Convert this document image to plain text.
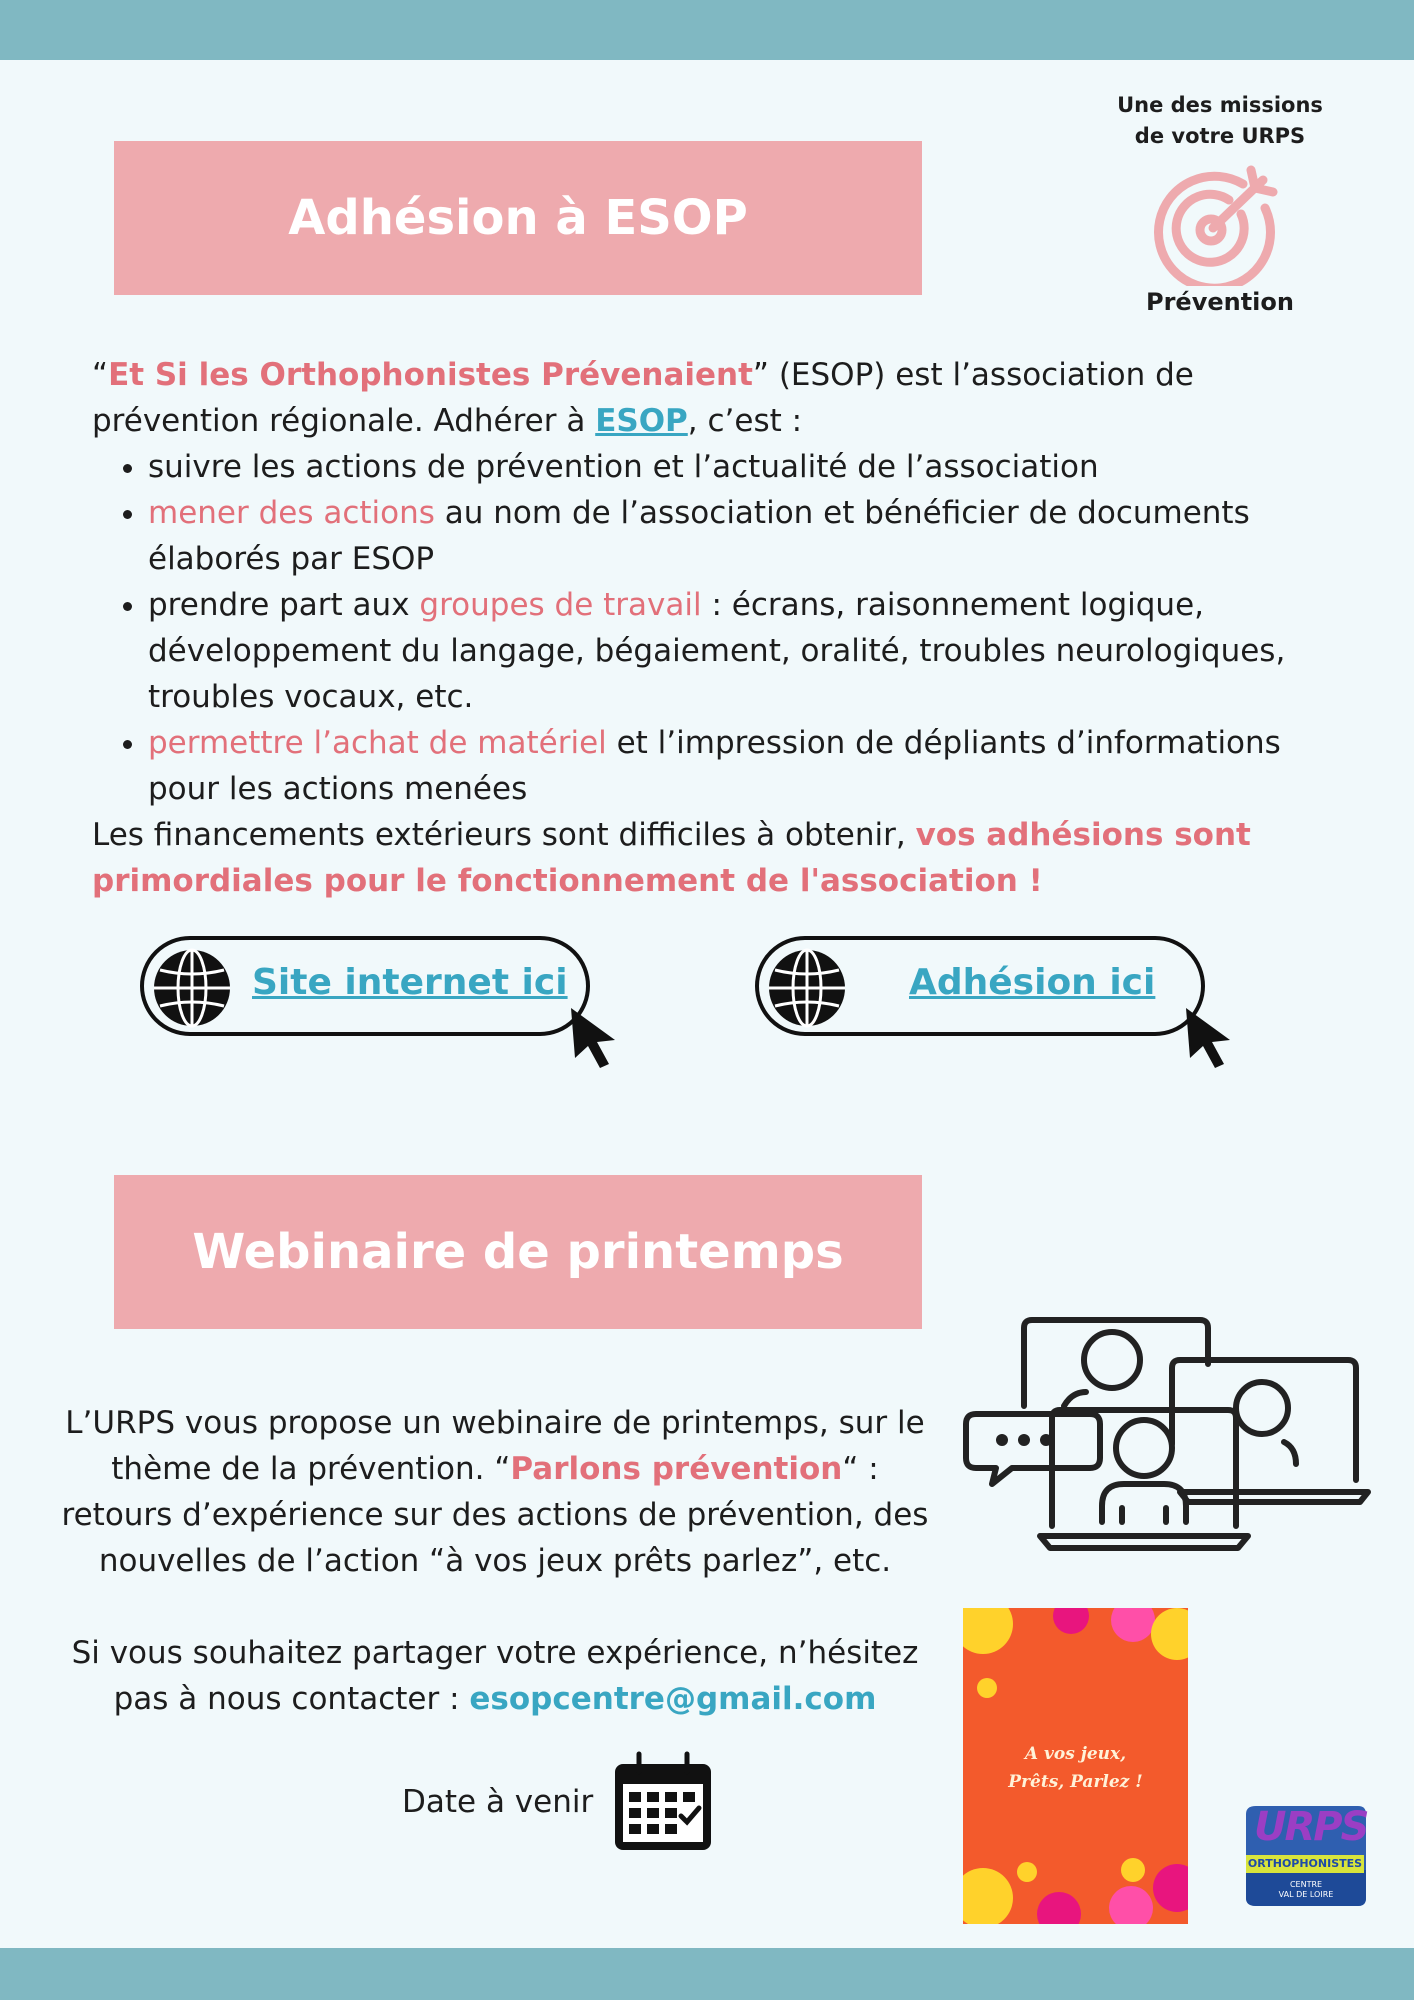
Une des missions

de votre URPS

Prévention
Adhésion à ESOP

“Et Si les Orthophonistes Prévenaient” (ESOP) est l’association de prévention régionale. Adhérer à ESOP, c’est :

• suivre les actions de prévention et l’actualité de l’association
• mener des actions au nom de l’association et bénéficier de documents élaborés par ESOP
• prendre part aux groupes de travail : écrans, raisonnement logique, développement du langage, bégaiement, oralité, troubles neurologiques, troubles vocaux, etc.
• permettre l’achat de matériel et l’impression de dépliants d’informations pour les actions menées

Les financements extérieurs sont difficiles à obtenir, vos adhésions sont primordiales pour le fonctionnement de l'association !

Site internet ici	Adhésion ici
Webinaire de printemps

L’URPS vous propose un webinaire de printemps, sur le thème de la prévention. “Parlons prévention“ : retours d’expérience sur des actions de prévention, des nouvelles de l’action “à vos jeux prêts parlez”, etc.

Si vous souhaitez partager votre expérience, n’hésitez pas à nous contacter : esopcentre@gmail.com

Date à venir
A vos jeux,
Prêts, Parlez !
URPS
ORTHOPHONISTES
CENTRE
VAL DE LOIRE
